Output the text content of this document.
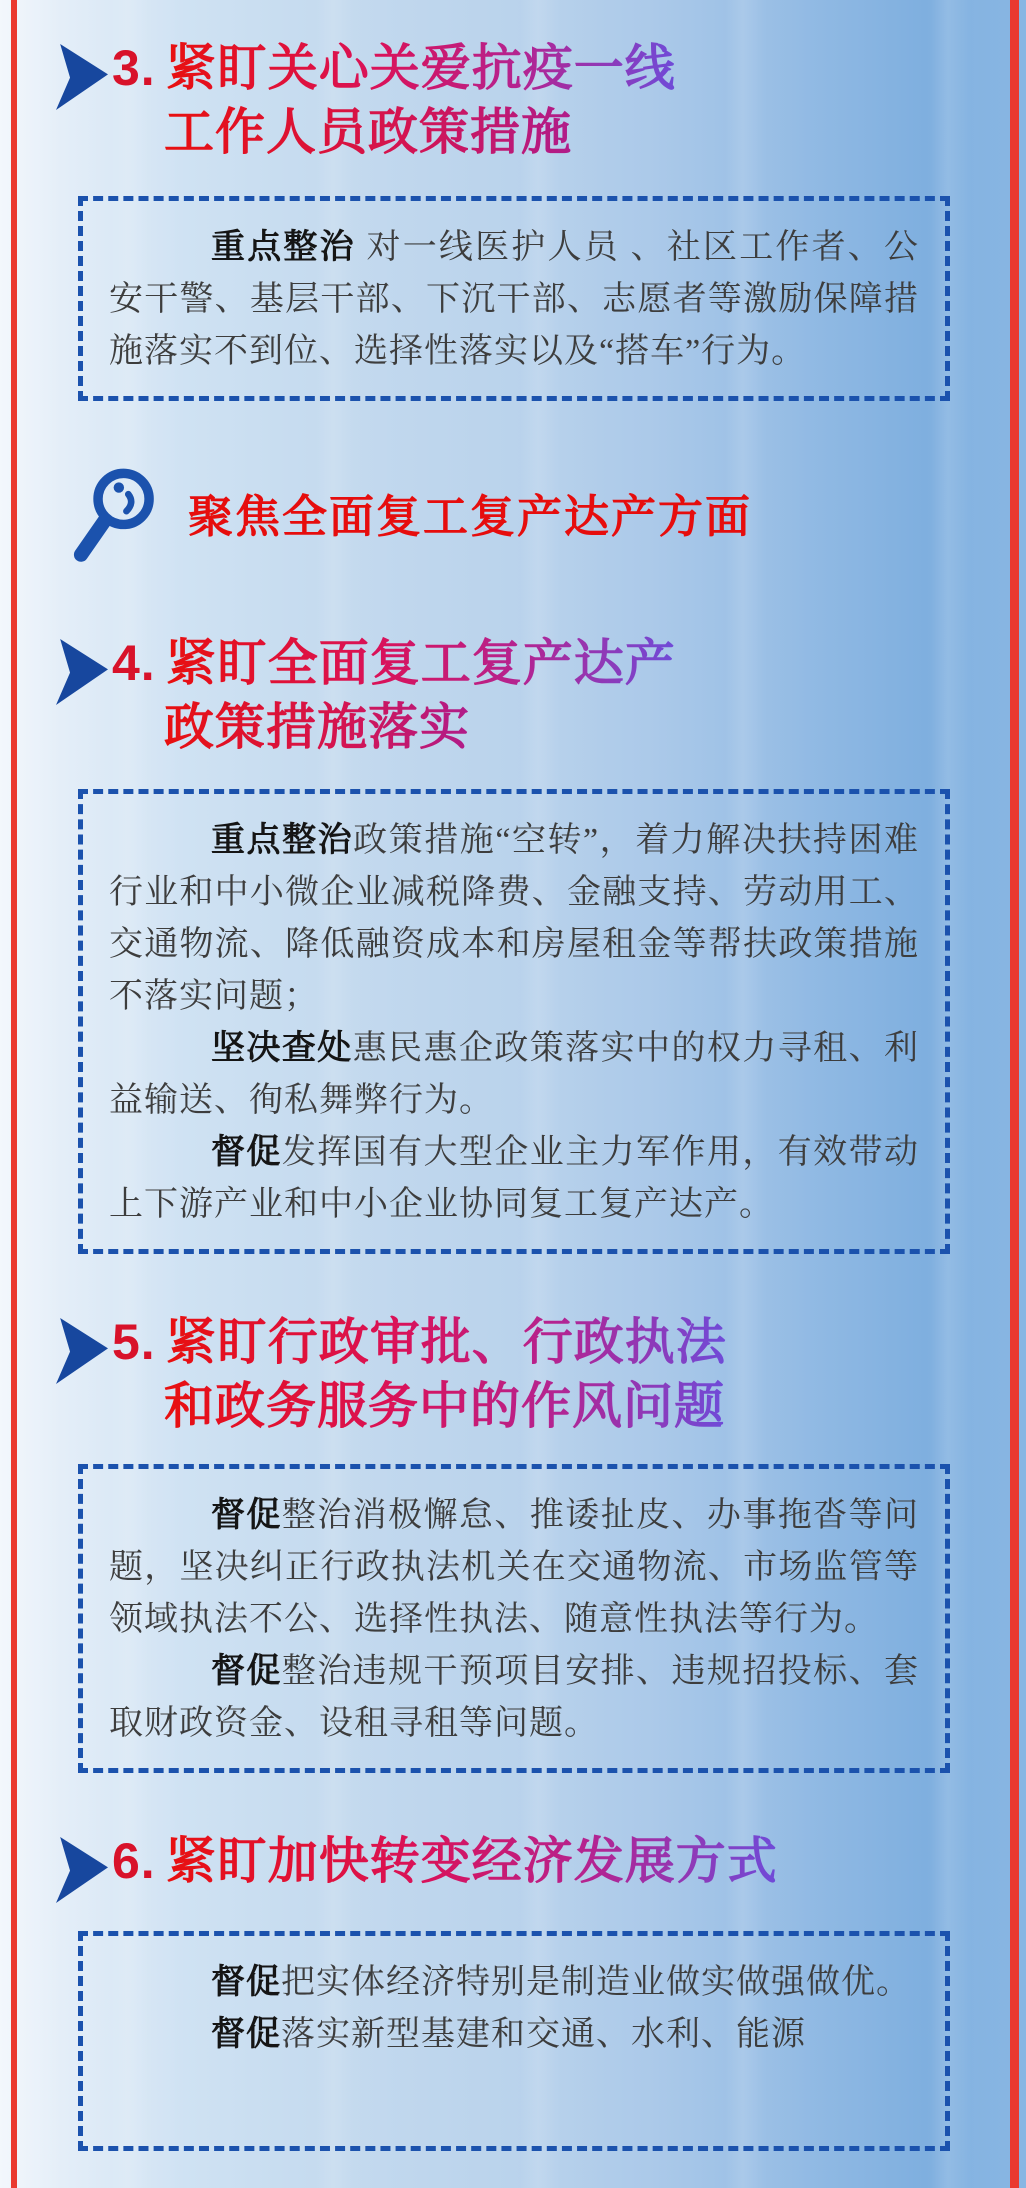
3. 紧盯关心关爱抗疫一线
工作人员政策措施

重点整治 对一线医护人员 、社区工作者、公安干警、基层干部、下沉干部、志愿者等激励保障措施落实不到位、选择性落实以及“搭车”行为。

聚焦全面复工复产达产方面
4. 紧盯全面复工复产达产
政策措施落实

重点整治政策措施“空转”，着力解决扶持困难行业和中小微企业减税降费、金融支持、劳动用工、交通物流、降低融资成本和房屋租金等帮扶政策措施不落实问题；

坚决查处惠民惠企政策落实中的权力寻租、利益输送、徇私舞弊行为。

督促发挥国有大型企业主力军作用，有效带动上下游产业和中小企业协同复工复产达产。

5. 紧盯行政审批、行政执法
和政务服务中的作风问题

督促整治消极懈怠、推诿扯皮、办事拖沓等问题，坚决纠正行政执法机关在交通物流、市场监管等领域执法不公、选择性执法、随意性执法等行为。

督促整治违规干预项目安排、违规招投标、套取财政资金、设租寻租等问题。

6. 紧盯加快转变经济发展方式

督促把实体经济特别是制造业做实做强做优。

督促落实新型基建和交通、水利、能源
